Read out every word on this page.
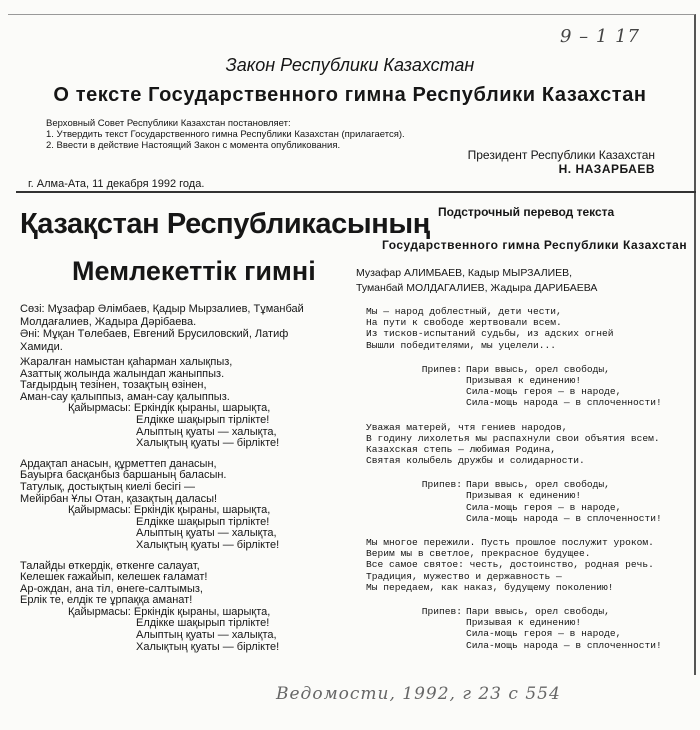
9 – 1 17
Закон Республики Казахстан
О тексте Государственного гимна Республики Казахстан
Верховный Совет Республики Казахстан постановляет:
1. Утвердить текст Государственного гимна Республики Казахстан (прилагается).
2. Ввести в действие Настоящий Закон с момента опубликования.
Президент Республики Казахстан
Н. НАЗАРБАЕВ
г. Алма-Ата, 11 декабря 1992 года.
Қазақстан Республикасының
Мемлекеттік гимні
Сөзі: Мұзафар Әлімбаев, Қадыр Мырзалиев, Тұманбай
Молдағалиев, Жадыра Дәрібаева.
Әні: Мұқан Төлебаев, Евгений Брусиловский, Латиф
Хамиди.
Жаралған намыстан қаһарман халықпыз,
Азаттық жолында жалындап жаныппыз.
Тағдырдың тезінен, тозақтың өзінен,
Аман-сау қалыппыз, аман-сау қалыппыз.
Қайырмасы: Еркіндік қыраны, шарықта,
Елдікке шақырып тірлікте!
Алыптың қуаты — халықта,
Халықтың қуаты — бірлікте!
Ардақтап анасын, құрметтеп данасын,
Бауырға басқанбыз баршаның баласын.
Татулық, достықтың киелі бесігі —
Мейірбан Ұлы Отан, қазақтың даласы!
Қайырмасы: Еркіндік қыраны, шарықта,
Елдікке шақырып тірлікте!
Алыптың қуаты — халықта,
Халықтың қуаты — бірлікте!
Талайды өткердік, өткенге салауат,
Келешек ғажайып, келешек ғаламат!
Ар-ождан, ана тіл, өнеге-салтымыз,
Ерлік те, елдік те ұрпаққа аманат!
Қайырмасы: Еркіндік қыраны, шарықта,
Елдікке шақырып тірлікте!
Алыптың қуаты — халықта,
Халықтың қуаты — бірлікте!
Подстрочный перевод текста
Государственного гимна Республики Казахстан
Музафар АЛИМБАЕВ, Кадыр МЫРЗАЛИЕВ,
Туманбай МОЛДАГАЛИЕВ, Жадыра ДАРИБАЕВА
Мы — народ доблестный, дети чести,
На пути к свободе жертвовали всем.
Из тисков-испытаний судьбы, из адских огней
Вышли победителями, мы уцелели...
Припев: Пари ввысь, орел свободы,
Призывая к единению!
Сила-мощь героя — в народе,
Сила-мощь народа — в сплоченности!
Уважая матерей, чтя гениев народов,
В годину лихолетья мы распахнули свои объятия всем.
Казахская степь — любимая Родина,
Святая колыбель дружбы и солидарности.
Припев: Пари ввысь, орел свободы,
Призывая к единению!
Сила-мощь героя — в народе,
Сила-мощь народа — в сплоченности!
Мы многое пережили. Пусть прошлое послужит уроком.
Верим мы в светлое, прекрасное будущее.
Все самое святое: честь, достоинство, родная речь.
Традиция, мужество и державность —
Мы передаем, как наказ, будущему поколению!
Припев: Пари ввысь, орел свободы,
Призывая к единению!
Сила-мощь героя — в народе,
Сила-мощь народа — в сплоченности!
Ведомости, 1992, г 23 с 554
